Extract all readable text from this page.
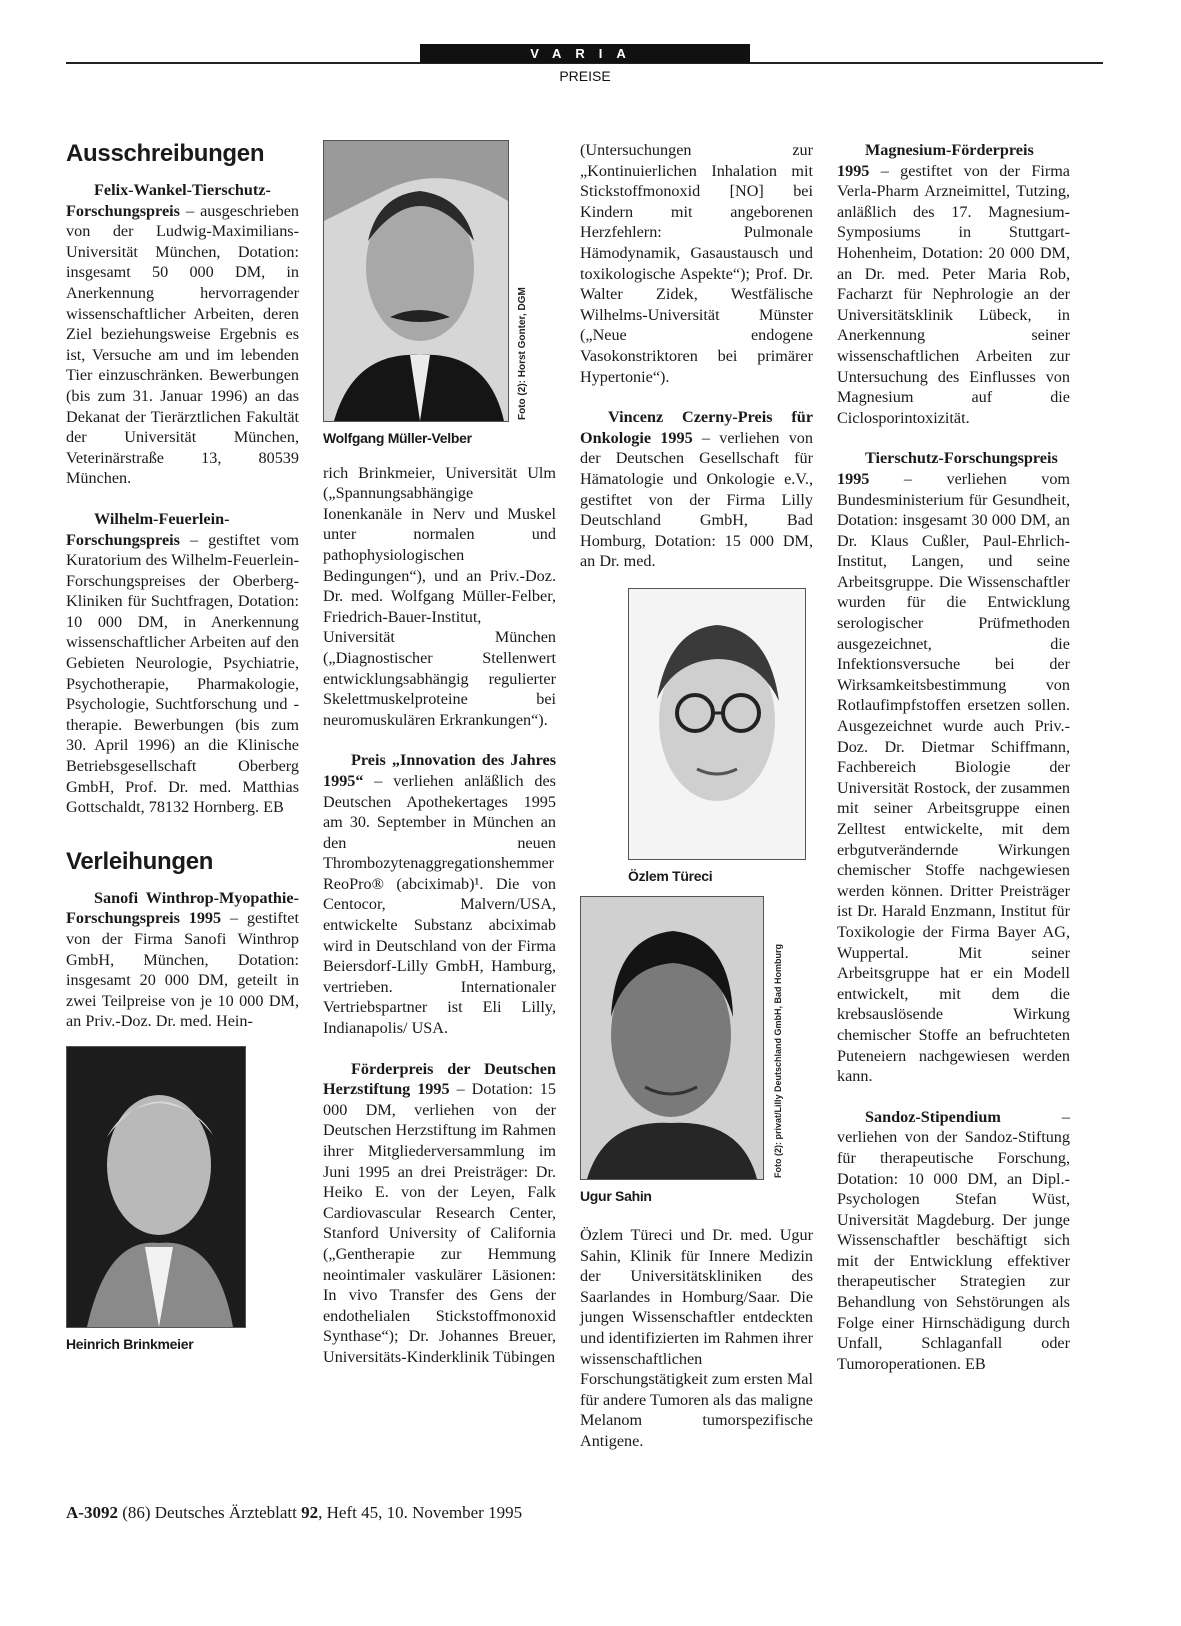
VARIA
PREISE
Ausschreibungen

Felix-Wankel-Tierschutz-Forschungspreis – ausgeschrieben von der Ludwig-Maximilians-Universität München, Dotation: insgesamt 50 000 DM, in Anerkennung hervorragender wissenschaftlicher Arbeiten, deren Ziel beziehungsweise Ergebnis es ist, Versuche am und im lebenden Tier einzuschränken. Bewerbungen (bis zum 31. Januar 1996) an das Dekanat der Tierärztlichen Fakultät der Universität München, Veterinärstraße 13, 80539 München.

Wilhelm-Feuerlein-Forschungspreis – gestiftet vom Kuratorium des Wilhelm-Feuerlein-Forschungspreises der Oberberg-Kliniken für Suchtfragen, Dotation: 10 000 DM, in Anerkennung wissenschaftlicher Arbeiten auf den Gebieten Neurologie, Psychiatrie, Psychotherapie, Pharmakologie, Psychologie, Suchtforschung und -therapie. Bewerbungen (bis zum 30. April 1996) an die Klinische Betriebsgesellschaft Oberberg GmbH, Prof. Dr. med. Matthias Gottschaldt, 78132 Hornberg. EB

Verleihungen

Sanofi Winthrop-Myopathie-Forschungspreis 1995 – gestiftet von der Firma Sanofi Winthrop GmbH, München, Dotation: insgesamt 20 000 DM, geteilt in zwei Teilpreise von je 10 000 DM, an Priv.-Doz. Dr. med. Hein-

Heinrich Brinkmeier
Foto (2): Horst Gonter, DGM
Wolfgang Müller-Velber

rich Brinkmeier, Universität Ulm („Spannungsabhängige Ionenkanäle in Nerv und Muskel unter normalen und pathophysiologischen Bedingungen“), und an Priv.-Doz. Dr. med. Wolfgang Müller-Felber, Friedrich-Bauer-Institut, Universität München („Diagnostischer Stellenwert entwicklungsabhängig regulierter Skelettmuskelproteine bei neuromuskulären Erkrankungen“).

Preis „Innovation des Jahres 1995“ – verliehen anläßlich des Deutschen Apothekertages 1995 am 30. September in München an den neuen Thrombozytenaggregationshemmer ReoPro® (abciximab)¹. Die von Centocor, Malvern/USA, entwickelte Substanz abciximab wird in Deutschland von der Firma Beiersdorf-Lilly GmbH, Hamburg, vertrieben. Internationaler Vertriebspartner ist Eli Lilly, Indianapolis/ USA.

Förderpreis der Deutschen Herzstiftung 1995 – Dotation: 15 000 DM, verliehen von der Deutschen Herzstiftung im Rahmen ihrer Mitgliederversammlung im Juni 1995 an drei Preisträger: Dr. Heiko E. von der Leyen, Falk Cardiovascular Research Center, Stanford University of California („Gentherapie zur Hemmung neointimaler vaskulärer Läsionen: In vivo Transfer des Gens der endothelialen Stickstoffmonoxid Synthase“); Dr. Johannes Breuer, Universitäts-Kinderklinik Tübingen

(Untersuchungen zur „Kontinuierlichen Inhalation mit Stickstoffmonoxid [NO] bei Kindern mit angeborenen Herzfehlern: Pulmonale Hämodynamik, Gasaustausch und toxikologische Aspekte“); Prof. Dr. Walter Zidek, Westfälische Wilhelms-Universität Münster („Neue endogene Vasokonstriktoren bei primärer Hypertonie“).

Vincenz Czerny-Preis für Onkologie 1995 – verliehen von der Deutschen Gesellschaft für Hämatologie und Onkologie e.V., gestiftet von der Firma Lilly Deutschland GmbH, Bad Homburg, Dotation: 15 000 DM, an Dr. med.

Özlem Türeci
Foto (2): privat/Lilly Deutschland GmbH, Bad Homburg
Ugur Sahin

Özlem Türeci und Dr. med. Ugur Sahin, Klinik für Innere Medizin der Universitätskliniken des Saarlandes in Homburg/Saar. Die jungen Wissenschaftler entdeckten und identifizierten im Rahmen ihrer wissenschaftlichen Forschungstätigkeit zum ersten Mal für andere Tumoren als das maligne Melanom tumorspezifische Antigene.

Magnesium-Förderpreis 1995 – gestiftet von der Firma Verla-Pharm Arzneimittel, Tutzing, anläßlich des 17. Magnesium-Symposiums in Stuttgart-Hohenheim, Dotation: 20 000 DM, an Dr. med. Peter Maria Rob, Facharzt für Nephrologie an der Universitätsklinik Lübeck, in Anerkennung seiner wissenschaftlichen Arbeiten zur Untersuchung des Einflusses von Magnesium auf die Ciclosporintoxizität.

Tierschutz-Forschungspreis 1995 – verliehen vom Bundesministerium für Gesundheit, Dotation: insgesamt 30 000 DM, an Dr. Klaus Cußler, Paul-Ehrlich-Institut, Langen, und seine Arbeitsgruppe. Die Wissenschaftler wurden für die Entwicklung serologischer Prüfmethoden ausgezeichnet, die Infektionsversuche bei der Wirksamkeitsbestimmung von Rotlaufimpfstoffen ersetzen sollen. Ausgezeichnet wurde auch Priv.-Doz. Dr. Dietmar Schiffmann, Fachbereich Biologie der Universität Rostock, der zusammen mit seiner Arbeitsgruppe einen Zelltest entwickelte, mit dem erbgutverändernde Wirkungen chemischer Stoffe nachgewiesen werden können. Dritter Preisträger ist Dr. Harald Enzmann, Institut für Toxikologie der Firma Bayer AG, Wuppertal. Mit seiner Arbeitsgruppe hat er ein Modell entwickelt, mit dem die krebsauslösende Wirkung chemischer Stoffe an befruchteten Puteneiern nachgewiesen werden kann.

Sandoz-Stipendium – verliehen von der Sandoz-Stiftung für therapeutische Forschung, Dotation: 10 000 DM, an Dipl.-Psychologen Stefan Wüst, Universität Magdeburg. Der junge Wissenschaftler beschäftigt sich mit der Entwicklung effektiver therapeutischer Strategien zur Behandlung von Sehstörungen als Folge einer Hirnschädigung durch Unfall, Schlaganfall oder Tumoroperationen. EB

A-3092 (86) Deutsches Ärzteblatt 92, Heft 45, 10. November 1995
